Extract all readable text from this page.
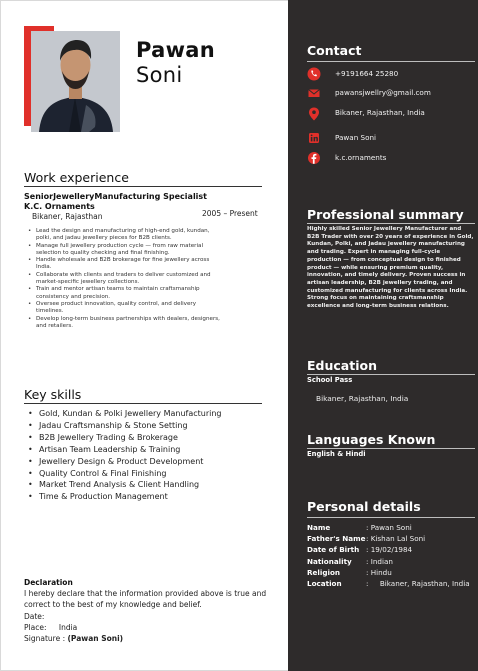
Pawan
Soni
Work experience
SeniorJewelleryManufacturing Specialist
K.C. Ornaments
Bikaner, Rajasthan	2005 – Present
• Lead the design and manufacturing of high-end gold, kundan,
polki, and jadau jewellery pieces for B2B clients.
• Manage full jewellery production cycle — from raw material
selection to quality checking and final finishing.
• Handle wholesale and B2B brokerage for fine jewellery across
India.
• Collaborate with clients and traders to deliver customized and
market-specific jewellery collections.
• Train and mentor artisan teams to maintain craftsmanship
consistency and precision.
• Oversee product innovation, quality control, and delivery
timelines.
• Develop long-term business partnerships with dealers, designers,
and retailers.
Key skills
• Gold, Kundan & Polki Jewellery Manufacturing
• Jadau Craftsmanship & Stone Setting
• B2B Jewellery Trading & Brokerage
• Artisan Team Leadership & Training
• Jewellery Design & Product Development
• Quality Control & Final Finishing
• Market Trend Analysis & Client Handling
• Time & Production Management
Declaration
I hereby declare that the information provided above is true and correct to the best of my knowledge and belief.
Date:
Place: India
Signature : (Pawan Soni)
Contact
+9191664 25280
pawansjwellry@gmail.com
Bikaner, Rajasthan, India
Pawan Soni
k.c.ornaments
Professional summary
Highly skilled Senior Jewellery Manufacturer and B2B Trader with over 20 years of experience in Gold, Kundan, Polki, and Jadau jewellery manufacturing and trading. Expert in managing full-cycle production — from conceptual design to finished product — while ensuring premium quality, innovation, and timely delivery. Proven success in artisan leadership, B2B jewellery trading, and customized manufacturing for clients across India. Strong focus on maintaining craftsmanship excellence and long-term business relations.
Education
School Pass
Bikaner, Rajasthan, India
Languages Known
English & Hindi
Personal details
Name	: Pawan Soni
Father's Name : Kishan Lal Soni
Date of Birth : 19/02/1984
Nationality : Indian
Religion	: Hindu
Location	:     Bikaner, Rajasthan, India
